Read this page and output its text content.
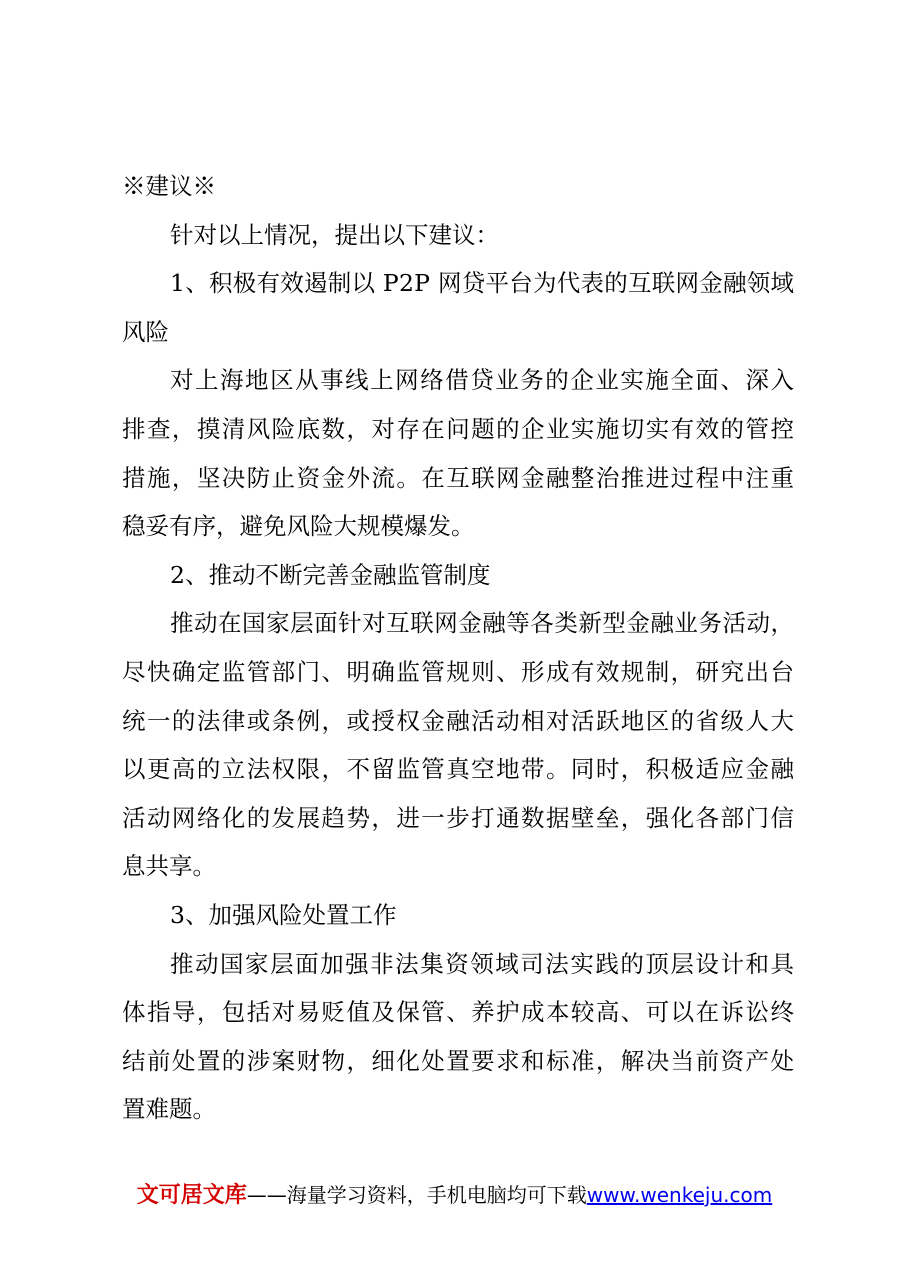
※建议※
针对以上情况，提出以下建议：
1、积极有效遏制以 P2P 网贷平台为代表的互联网金融领域
风险
对上海地区从事线上网络借贷业务的企业实施全面、深入
排查，摸清风险底数，对存在问题的企业实施切实有效的管控
措施，坚决防止资金外流。在互联网金融整治推进过程中注重
稳妥有序，避免风险大规模爆发。
2、推动不断完善金融监管制度
推动在国家层面针对互联网金融等各类新型金融业务活动，
尽快确定监管部门、明确监管规则、形成有效规制，研究出台
统一的法律或条例，或授权金融活动相对活跃地区的省级人大
以更高的立法权限，不留监管真空地带。同时，积极适应金融
活动网络化的发展趋势，进一步打通数据壁垒，强化各部门信
息共享。
3、加强风险处置工作
推动国家层面加强非法集资领域司法实践的顶层设计和具
体指导，包括对易贬值及保管、养护成本较高、可以在诉讼终
结前处置的涉案财物，细化处置要求和标准，解决当前资产处
置难题。
文可居文库——海量学习资料，手机电脑均可下载www.wenkeju.com
